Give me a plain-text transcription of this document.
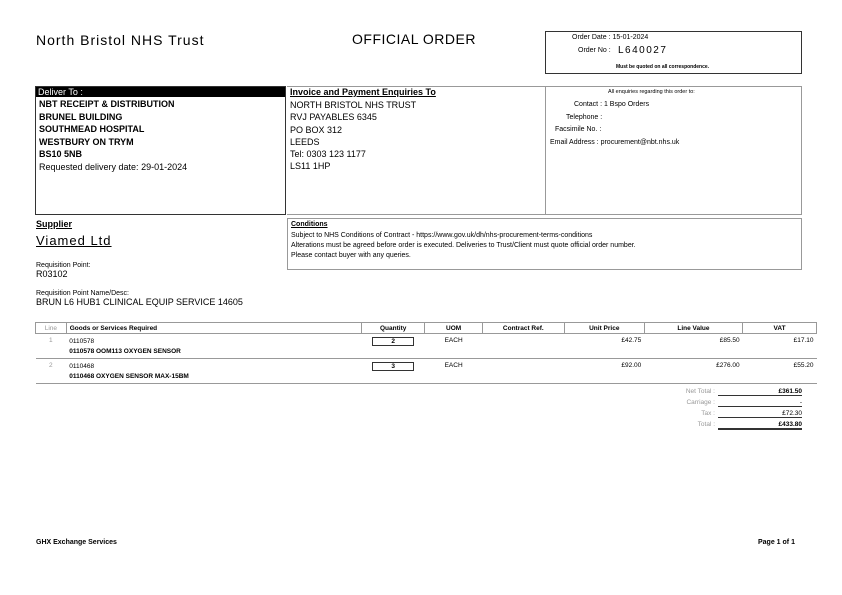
North Bristol NHS Trust	OFFICIAL ORDER	Order Date : 15-01-2024
Order No : L640027
Must be quoted on all correspondence.
Deliver To :
NBT RECEIPT & DISTRIBUTION
BRUNEL BUILDING
SOUTHMEAD HOSPITAL
WESTBURY ON TRYM
BS10 5NB
Requested delivery date: 29-01-2024
Invoice and Payment Enquiries To
NORTH BRISTOL NHS TRUST
RVJ PAYABLES 6345
PO BOX 312
LEEDS
Tel: 0303 123 1177
LS11 1HP
All enquiries regarding this order to:
Contact : 1 Bspo Orders
Telephone :
Facsimile No. :
Email Address : procurement@nbt.nhs.uk
Supplier
Viamed Ltd
Requisition Point:
R03102
Requisition Point Name/Desc:
BRUN L6 HUB1 CLINICAL EQUIP SERVICE 14605
Conditions
Subject to NHS Conditions of Contract - https://www.gov.uk/dh/nhs-procurement-terms-conditions
Alterations must be agreed before order is executed. Deliveries to Trust/Client must quote official order number.
Please contact buyer with any queries.
Line	Goods or Services Required	Quantity	UOM	Contract Ref.	Unit Price	Line Value	VAT
1	0110578
0110578 OOM113 OXYGEN SENSOR	2	EACH		£42.75	£85.50	£17.10
2	0110468
0110468 OXYGEN SENSOR MAX-15BM	3	EACH		£92.00	£276.00	£55.20
Net Total :	£361.50
Carriage :	-
Tax :	£72.30
Total :	£433.80
GHX Exchange Services	Page 1 of 1
